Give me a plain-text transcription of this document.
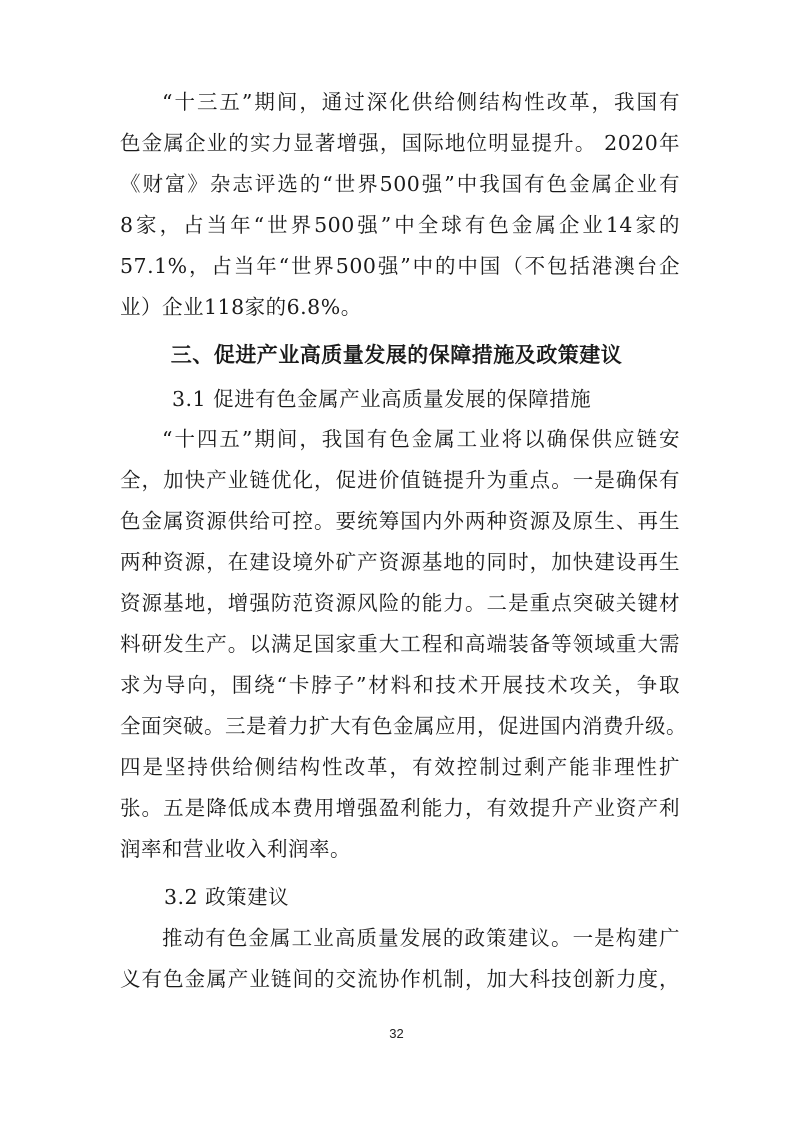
“十三五”期间，通过深化供给侧结构性改革，我国有
色金属企业的实力显著增强，国际地位明显提升。 2020年
《财富》杂志评选的“世界500强”中我国有色金属企业有
8家，占当年“世界500强”中全球有色金属企业14家的
57.1%，占当年“世界500强”中的中国（不包括港澳台企
业）企业118家的6.8%。
三、促进产业高质量发展的保障措施及政策建议
3.1 促进有色金属产业高质量发展的保障措施
“十四五”期间，我国有色金属工业将以确保供应链安
全，加快产业链优化，促进价值链提升为重点。一是确保有
色金属资源供给可控。要统筹国内外两种资源及原生、再生
两种资源，在建设境外矿产资源基地的同时，加快建设再生
资源基地，增强防范资源风险的能力。二是重点突破关键材
料研发生产。以满足国家重大工程和高端装备等领域重大需
求为导向，围绕“卡脖子”材料和技术开展技术攻关，争取
全面突破。三是着力扩大有色金属应用，促进国内消费升级。
四是坚持供给侧结构性改革，有效控制过剩产能非理性扩
张。五是降低成本费用增强盈利能力，有效提升产业资产利
润率和营业收入利润率。
3.2 政策建议
推动有色金属工业高质量发展的政策建议。一是构建广
义有色金属产业链间的交流协作机制，加大科技创新力度，
32
